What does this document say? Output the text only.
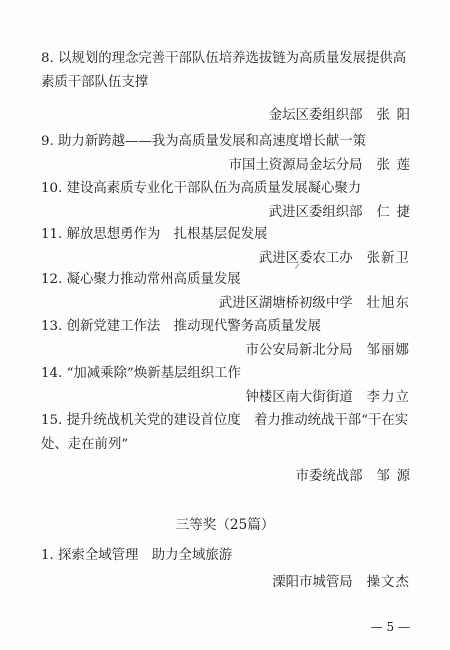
8. 以规划的理念完善干部队伍培养选拔链为高质量发展提供高
素质干部队伍支撑
金坛区委组织部 张阳
9. 助力新跨越——我为高质量发展和高速度增长献一策
市国土资源局金坛分局 张莲
10. 建设高素质专业化干部队伍为高质量发展凝心聚力
武进区委组织部 仁捷
11. 解放思想勇作为　扎根基层促发展
武进区委农工办 张新卫
12. 凝心聚力推动常州高质量发展
武进区湖塘桥初级中学 壮旭东
13. 创新党建工作法　推动现代警务高质量发展
市公安局新北分局 邹丽娜
14. “加减乘除”焕新基层组织工作
钟楼区南大街街道 李力立
15. 提升统战机关党的建设首位度　着力推动统战干部“干在实
处、走在前列”
市委统战部 邹源
三等奖（25篇）
1. 探索全域管理　助力全域旅游
溧阳市城管局 操文杰
— 5 —
